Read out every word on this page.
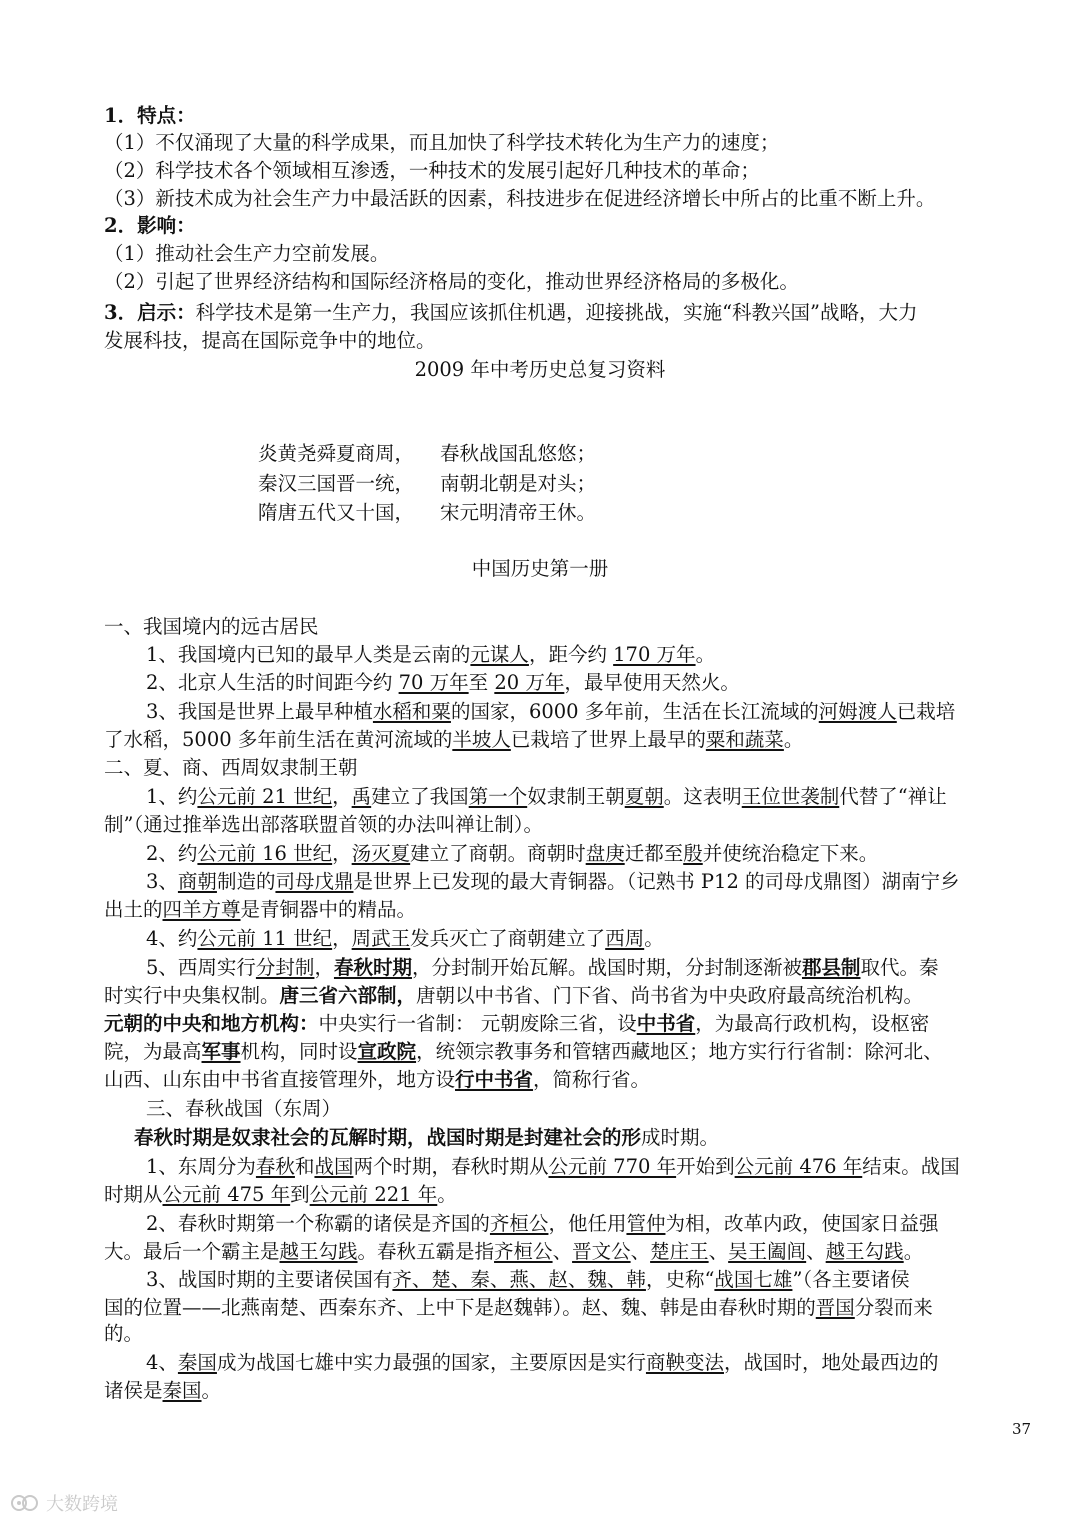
1．特点：
（1）不仅涌现了大量的科学成果，而且加快了科学技术转化为生产力的速度；
（2）科学技术各个领域相互渗透，一种技术的发展引起好几种技术的革命；
（3）新技术成为社会生产力中最活跃的因素，科技进步在促进经济增长中所占的比重不断上升。
2．影响：
（1）推动社会生产力空前发展。
（2）引起了世界经济结构和国际经济格局的变化，推动世界经济格局的多极化。
3．启示：科学技术是第一生产力，我国应该抓住机遇，迎接挑战，实施“科教兴国”战略，大力
发展科技，提高在国际竞争中的地位。
2009 年中考历史总复习资料
炎黄尧舜夏商周， 春秋战国乱悠悠；
秦汉三国晋一统， 南朝北朝是对头；
隋唐五代又十国， 宋元明清帝王休。
中国历史第一册
一、我国境内的远古居民
1、我国境内已知的最早人类是云南的元谋人，距今约 170 万年。
2、北京人生活的时间距今约 70 万年至 20 万年，最早使用天然火。
3、我国是世界上最早种植水稻和粟的国家，6000 多年前，生活在长江流域的河姆渡人已栽培
了水稻，5000 多年前生活在黄河流域的半坡人已栽培了世界上最早的粟和蔬菜。
二、夏、商、西周奴隶制王朝
1、约公元前 21 世纪，禹建立了我国第一个奴隶制王朝夏朝。这表明王位世袭制代替了“禅让
制”（通过推举选出部落联盟首领的办法叫禅让制）。
2、约公元前 16 世纪，汤灭夏建立了商朝。商朝时盘庚迁都至殷并使统治稳定下来。
3、商朝制造的司母戊鼎是世界上已发现的最大青铜器。（记熟书 P12 的司母戊鼎图）湖南宁乡
出土的四羊方尊是青铜器中的精品。
4、约公元前 11 世纪，周武王发兵灭亡了商朝建立了西周。
5、西周实行分封制，春秋时期，分封制开始瓦解。战国时期，分封制逐渐被郡县制取代。秦
时实行中央集权制。唐三省六部制，唐朝以中书省、门下省、尚书省为中央政府最高统治机构。
元朝的中央和地方机构：中央实行一省制： 元朝废除三省，设中书省，为最高行政机构，设枢密
院，为最高军事机构，同时设宣政院，统领宗教事务和管辖西藏地区；地方实行行省制：除河北、
山西、山东由中书省直接管理外，地方设行中书省，简称行省。
三、春秋战国（东周）
春秋时期是奴隶社会的瓦解时期，战国时期是封建社会的形成时期。
1、东周分为春秋和战国两个时期，春秋时期从公元前 770 年开始到公元前 476 年结束。战国
时期从公元前 475 年到公元前 221 年。
2、春秋时期第一个称霸的诸侯是齐国的齐桓公，他任用管仲为相，改革内政，使国家日益强
大。最后一个霸主是越王勾践。春秋五霸是指齐桓公、晋文公、楚庄王、吴王阖闾、越王勾践。
3、战国时期的主要诸侯国有齐、楚、秦、燕、赵、魏、韩，史称“战国七雄”（各主要诸侯
国的位置——北燕南楚、西秦东齐、上中下是赵魏韩）。赵、魏、韩是由春秋时期的晋国分裂而来
的。
4、秦国成为战国七雄中实力最强的国家，主要原因是实行商鞅变法，战国时，地处最西边的
诸侯是秦国。
37
大数跨境
